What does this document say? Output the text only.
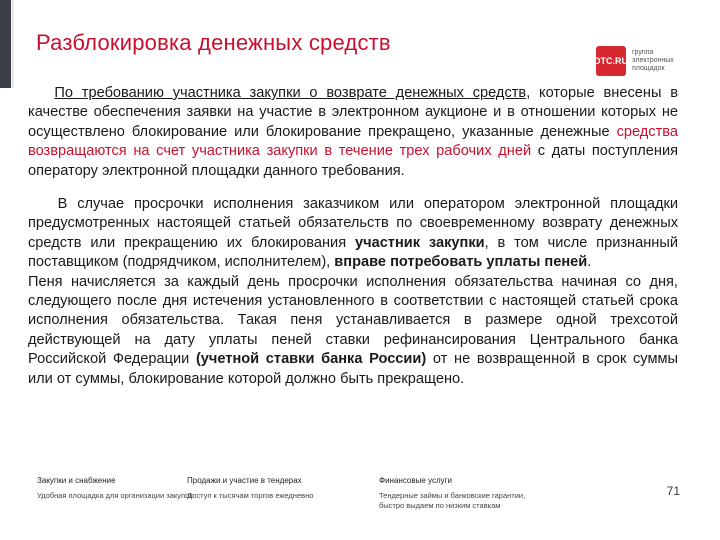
Разблокировка денежных средств
DTC.RU
группа
электронных
площадок

По требованию участника закупки о возврате денежных средств, которые внесены в качестве обеспечения заявки на участие в электронном аукционе и в отношении которых не осуществлено блокирование или блокирование прекращено, указанные денежные средства возвращаются на счет участника закупки в течение трех рабочих дней с даты поступления оператору электронной площадки данного требования.

В случае просрочки исполнения заказчиком или оператором электронной площадки предусмотренных настоящей статьей обязательств по своевременному возврату денежных средств или прекращению их блокирования участник закупки, в том числе признанный поставщиком (подрядчиком, исполнителем), вправе потребовать уплаты пеней.

Пеня начисляется за каждый день просрочки исполнения обязательства начиная со дня, следующего после дня истечения установленного в соответствии с настоящей статьей срока исполнения обязательства. Такая пеня устанавливается в размере одной трехсотой действующей на дату уплаты пеней ставки рефинансирования Центрального банка Российской Федерации (учетной ставки банка России) от не возвращенной в срок суммы или от суммы, блокирование которой должно быть прекращено.

Закупки и снабжение
Удобная площадка для организации закупок
Продажи и участие в тендерах
Доступ к тысячам торгов ежедневно
Финансовые услуги
Тендерные займы и банковские гарантии, быстро выдаем по низким ставкам
71
